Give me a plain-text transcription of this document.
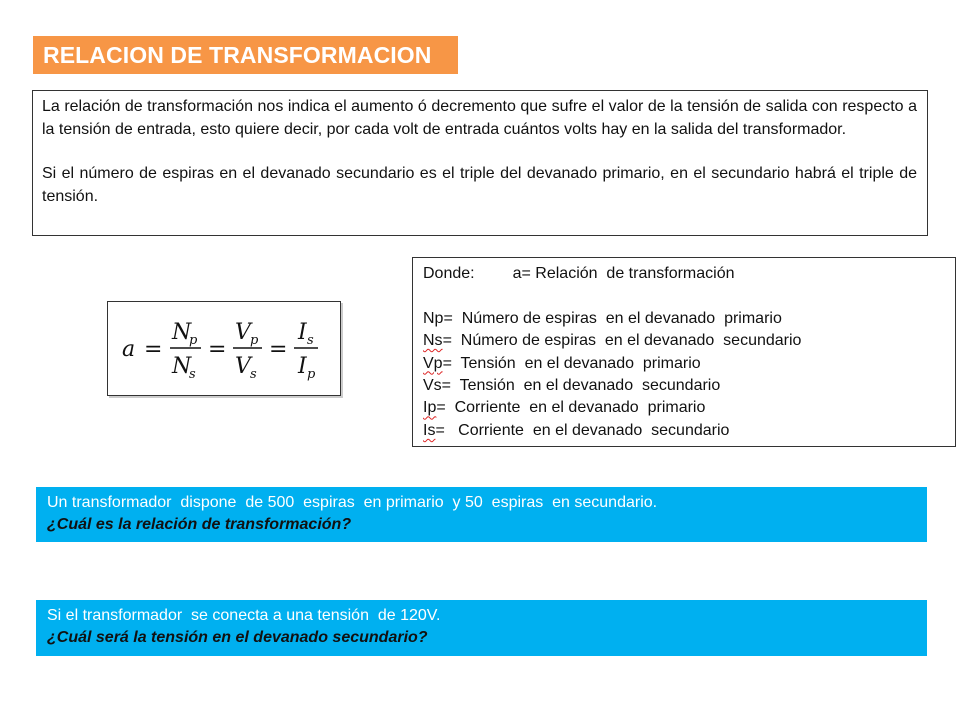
RELACION DE TRANSFORMACION

La relación de transformación nos indica el aumento ó decremento que sufre el valor de la tensión de salida con respecto a la tensión de entrada, esto quiere decir, por cada volt de entrada cuántos volts hay en la salida del transformador.

Si el número de espiras en el devanado secundario es el triple del devanado primario, en el secundario habrá el triple de tensión.

a =
N
p
N
s
=
V p
V s
=
I s
I p
Donde: a= Relación  de transformación
Np=  Número de espiras  en el devanado  primario
Ns=  Número de espiras  en el devanado  secundario
Vp=  Tensión  en el devanado  primario
Vs=  Tensión  en el devanado  secundario
Ip=  Corriente  en el devanado  primario
Is=   Corriente  en el devanado  secundario
Un transformador  dispone  de 500  espiras  en primario  y 50  espiras  en secundario.
¿Cuál es la relación de transformación?
Si el transformador  se conecta a una tensión  de 120V.
¿Cuál será la tensión en el devanado secundario?
